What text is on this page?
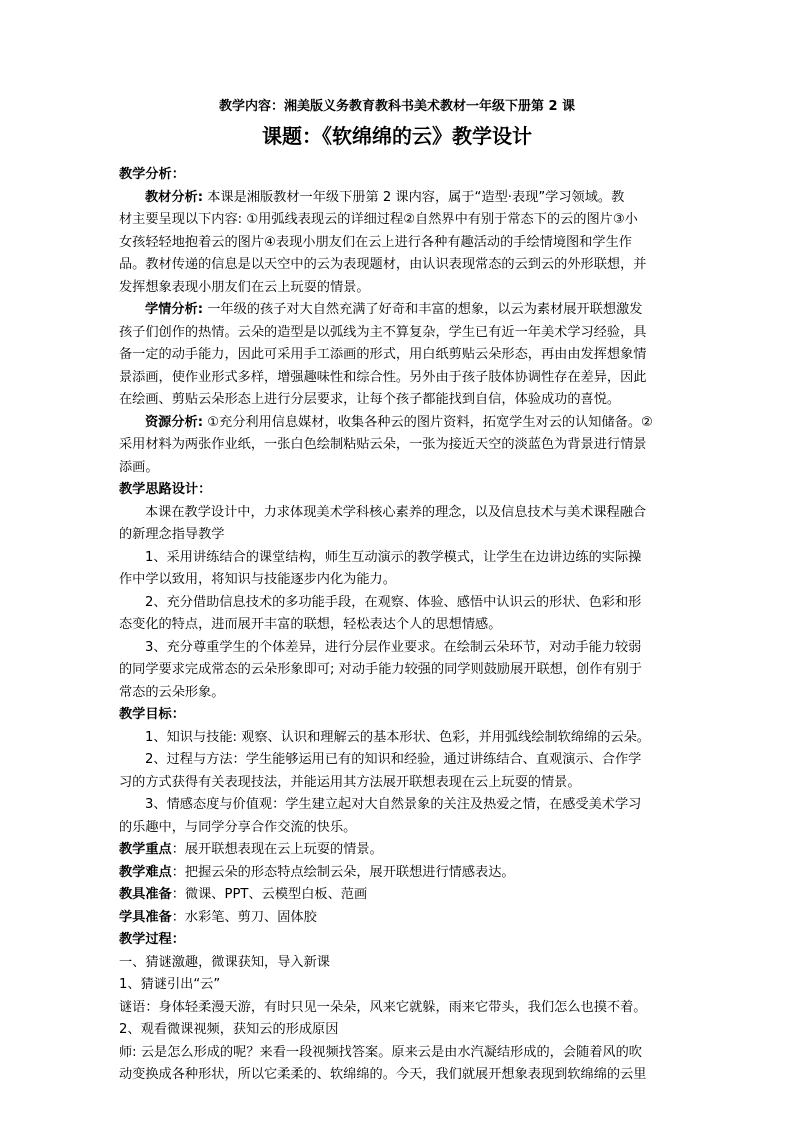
教学内容：湘美版义务教育教科书美术教材一年级下册第 2 课
课题：《软绵绵的云》教学设计
教学分析：
教材分析: 本课是湘版教材一年级下册第 2 课内容，属于“造型·表现”学习领域。教
材主要呈现以下内容: ①用弧线表现云的详细过程②自然界中有别于常态下的云的图片③小
女孩轻轻地抱着云的图片④表现小朋友们在云上进行各种有趣活动的手绘情境图和学生作
品。教材传递的信息是以天空中的云为表现题材，由认识表现常态的云到云的外形联想，并
发挥想象表现小朋友们在云上玩耍的情景。
学情分析: 一年级的孩子对大自然充满了好奇和丰富的想象，以云为素材展开联想激发
孩子们创作的热情。云朵的造型是以弧线为主不算复杂，学生已有近一年美术学习经验，具
备一定的动手能力，因此可采用手工添画的形式，用白纸剪贴云朵形态，再由由发挥想象情
景添画，使作业形式多样，增强趣味性和综合性。另外由于孩子肢体协调性存在差异，因此
在绘画、剪贴云朵形态上进行分层要求，让每个孩子都能找到自信，体验成功的喜悦。
资源分析: ①充分利用信息媒材，收集各种云的图片资料，拓宽学生对云的认知储备。②
采用材料为两张作业纸，一张白色绘制粘贴云朵，一张为接近天空的淡蓝色为背景进行情景
添画。
教学思路设计：
本课在教学设计中，力求体现美术学科核心素养的理念，以及信息技术与美术课程融合
的新理念指导教学
1、采用讲练结合的课堂结构，师生互动演示的教学模式，让学生在边讲边练的实际操
作中学以致用，将知识与技能逐步内化为能力。
2、充分借助信息技术的多功能手段，在观察、体验、感悟中认识云的形状、色彩和形
态变化的特点，进而展开丰富的联想，轻松表达个人的思想情感。
3、充分尊重学生的个体差异，进行分层作业要求。在绘制云朵环节，对动手能力较弱
的同学要求完成常态的云朵形象即可; 对动手能力较强的同学则鼓励展开联想，创作有别于
常态的云朵形象。
教学目标：
1、知识与技能: 观察、认识和理解云的基本形状、色彩，并用弧线绘制软绵绵的云朵。
2、过程与方法：学生能够运用已有的知识和经验，通过讲练结合、直观演示、合作学
习的方式获得有关表现技法，并能运用其方法展开联想表现在云上玩耍的情景。
3、情感态度与价值观：学生建立起对大自然景象的关注及热爱之情，在感受美术学习
的乐趣中，与同学分享合作交流的快乐。
教学重点：展开联想表现在云上玩耍的情景。
教学难点：把握云朵的形态特点绘制云朵，展开联想进行情感表达。
教具准备：微课、PPT、云模型白板、范画
学具准备：水彩笔、剪刀、固体胶
教学过程：
一、猜谜激趣，微课获知，导入新课
1、猜谜引出“云”
谜语：身体轻柔漫天游，有时只见一朵朵，风来它就躲，雨来它带头，我们怎么也摸不着。
2、观看微课视频，获知云的形成原因
师: 云是怎么形成的呢？来看一段视频找答案。原来云是由水汽凝结形成的，会随着风的吹
动变换成各种形状，所以它柔柔的、软绵绵的。今天，我们就展开想象表现到软绵绵的云里
